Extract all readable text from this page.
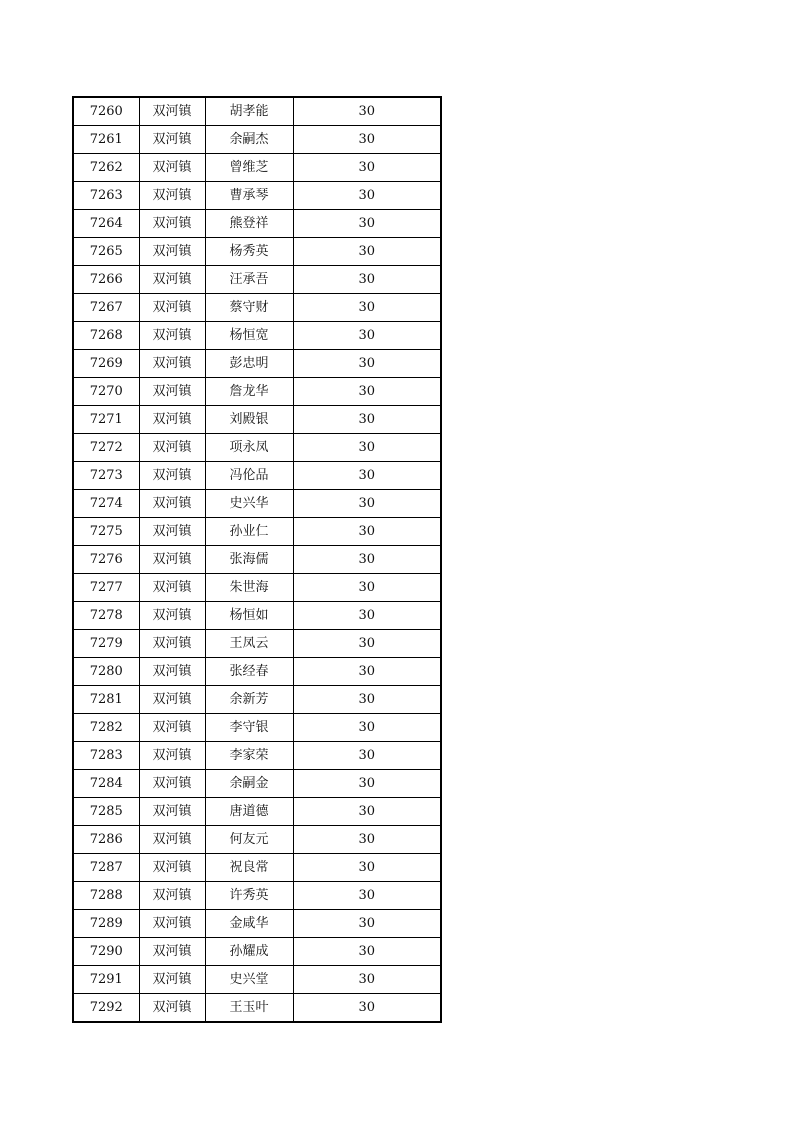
7260	双河镇	胡孝能	30
7261	双河镇	余嗣杰	30
7262	双河镇	曾维芝	30
7263	双河镇	曹承琴	30
7264	双河镇	熊登祥	30
7265	双河镇	杨秀英	30
7266	双河镇	汪承吾	30
7267	双河镇	蔡守财	30
7268	双河镇	杨恒宽	30
7269	双河镇	彭忠明	30
7270	双河镇	詹龙华	30
7271	双河镇	刘殿银	30
7272	双河镇	项永凤	30
7273	双河镇	冯伦品	30
7274	双河镇	史兴华	30
7275	双河镇	孙业仁	30
7276	双河镇	张海儒	30
7277	双河镇	朱世海	30
7278	双河镇	杨恒如	30
7279	双河镇	王凤云	30
7280	双河镇	张经春	30
7281	双河镇	余新芳	30
7282	双河镇	李守银	30
7283	双河镇	李家荣	30
7284	双河镇	余嗣金	30
7285	双河镇	唐道德	30
7286	双河镇	何友元	30
7287	双河镇	祝良常	30
7288	双河镇	许秀英	30
7289	双河镇	金咸华	30
7290	双河镇	孙耀成	30
7291	双河镇	史兴堂	30
7292	双河镇	王玉叶	30
